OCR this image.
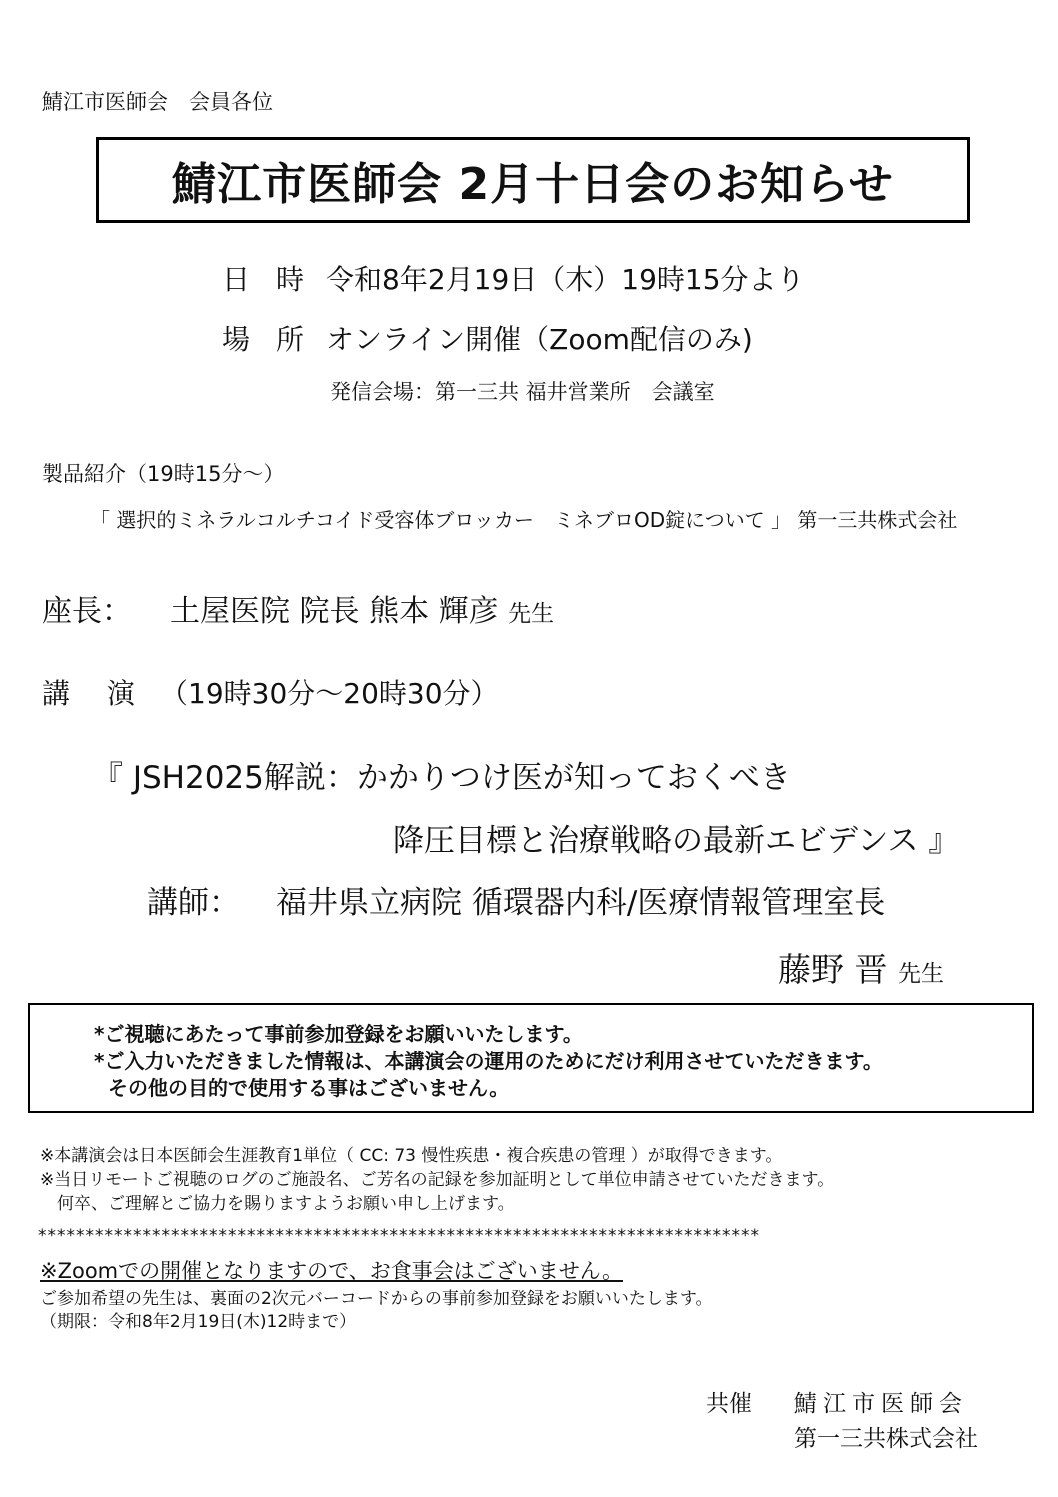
鯖江市医師会　会員各位
鯖江市医師会 2月十日会のお知らせ
日時令和8年2月19日（木）19時15分より
場所オンライン開催（Zoom配信のみ)
発信会場：第一三共 福井営業所　会議室
製品紹介（19時15分～）
「 選択的ミネラルコルチコイド受容体ブロッカー　ミネブロOD錠について 」 第一三共株式会社
座長： 土屋医院 院長 熊本 輝彦 先生
講 演 （19時30分～20時30分）
『 JSH2025解説：かかりつけ医が知っておくべき
降圧目標と治療戦略の最新エビデンス 』
講師： 福井県立病院 循環器内科/医療情報管理室長
藤野 晋 先生
*ご視聴にあたって事前参加登録をお願いいたします。
*ご入力いただきました情報は、本講演会の運用のためにだけ利用させていただきます。
その他の目的で使用する事はございません。
※本講演会は日本医師会生涯教育1単位（ CC: 73 慢性疾患・複合疾患の管理 ）が取得できます。
※当日リモートご視聴のログのご施設名、ご芳名の記録を参加証明として単位申請させていただきます。
　何卒、ご理解とご協力を賜りますようお願い申し上げます。
****************************************************************************
※Zoomでの開催となりますので、お食事会はございません。
ご参加希望の先生は、裏面の2次元バーコードからの事前参加登録をお願いいたします。
（期限：令和8年2月19日(木)12時まで）
共催	鯖江市医師会
第一三共株式会社
